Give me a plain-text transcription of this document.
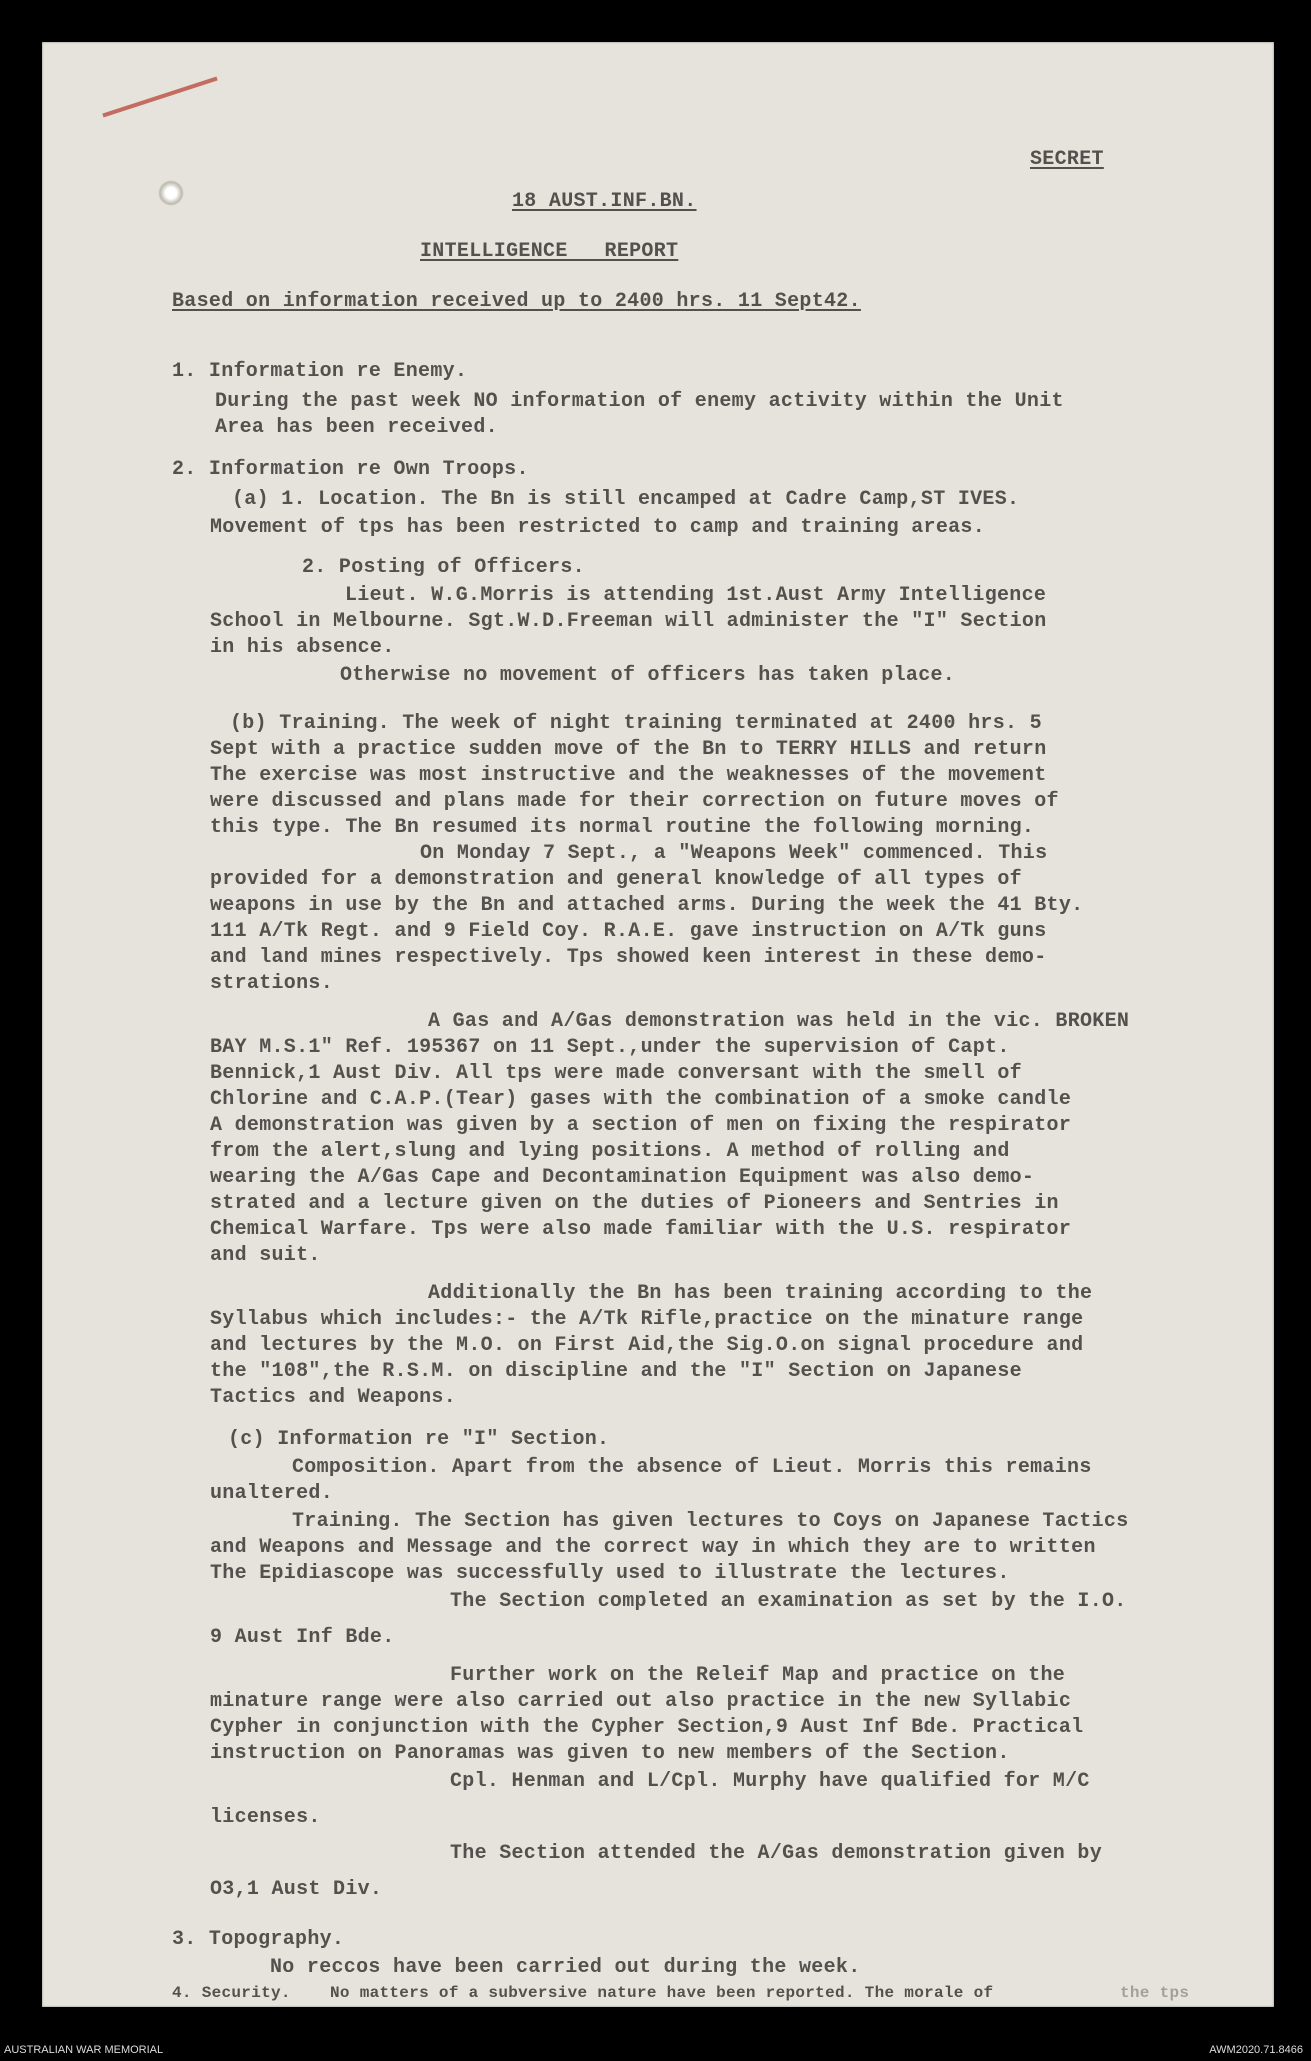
SECRET
18 AUST.INF.BN.
INTELLIGENCE   REPORT
Based on information received up to 2400 hrs. 11 Sept42.
1. Information re Enemy.
During the past week NO information of enemy activity within the Unit
Area has been received.
2. Information re Own Troops.
(a) 1. Location. The Bn is still encamped at Cadre Camp,ST IVES.
Movement of tps has been restricted to camp and training areas.
2. Posting of Officers.
Lieut. W.G.Morris is attending 1st.Aust Army Intelligence
School in Melbourne. Sgt.W.D.Freeman will administer the "I" Section
in his absence.
Otherwise no movement of officers has taken place.
(b) Training. The week of night training terminated at 2400 hrs. 5
Sept with a practice sudden move of the Bn to TERRY HILLS and return
The exercise was most instructive and the weaknesses of the movement
were discussed and plans made for their correction on future moves of
this type. The Bn resumed its normal routine the following morning.
On Monday 7 Sept., a "Weapons Week" commenced. This
provided for a demonstration and general knowledge of all types of
weapons in use by the Bn and attached arms. During the week the 41 Bty.
111 A/Tk Regt. and 9 Field Coy. R.A.E. gave instruction on A/Tk guns
and land mines respectively. Tps showed keen interest in these demo-
strations.
A Gas and A/Gas demonstration was held in the vic. BROKEN
BAY M.S.1" Ref. 195367 on 11 Sept.,under the supervision of Capt.
Bennick,1 Aust Div. All tps were made conversant with the smell of
Chlorine and C.A.P.(Tear) gases with the combination of a smoke candle
A demonstration was given by a section of men on fixing the respirator
from the alert,slung and lying positions. A method of rolling and
wearing the A/Gas Cape and Decontamination Equipment was also demo-
strated and a lecture given on the duties of Pioneers and Sentries in
Chemical Warfare. Tps were also made familiar with the U.S. respirator
and suit.
Additionally the Bn has been training according to the
Syllabus which includes:- the A/Tk Rifle,practice on the minature range
and lectures by the M.O. on First Aid,the Sig.O.on signal procedure and
the "108",the R.S.M. on discipline and the "I" Section on Japanese
Tactics and Weapons.
(c) Information re "I" Section.
Composition. Apart from the absence of Lieut. Morris this remains
unaltered.
Training. The Section has given lectures to Coys on Japanese Tactics
and Weapons and Message and the correct way in which they are to written
The Epidiascope was successfully used to illustrate the lectures.
The Section completed an examination as set by the I.O.
9 Aust Inf Bde.
Further work on the Releif Map and practice on the
minature range were also carried out also practice in the new Syllabic
Cypher in conjunction with the Cypher Section,9 Aust Inf Bde. Practical
instruction on Panoramas was given to new members of the Section.
Cpl. Henman and L/Cpl. Murphy have qualified for M/C
licenses.
The Section attended the A/Gas demonstration given by
O3,1 Aust Div.
3. Topography.
No reccos have been carried out during the week.
4. Security. No matters of a subversive nature have been reported. The morale of	the tps
AUSTRALIAN WAR MEMORIAL	AWM2020.71.8466
